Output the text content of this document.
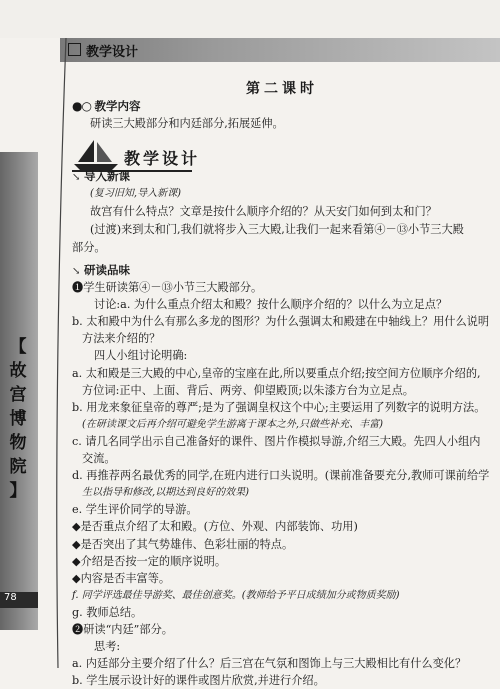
教学设计
【
故
宫
博
物
院
】
78
第二课时
●○ 教学内容
研读三大殿部分和内廷部分,拓展延伸。
教学设计
↘ 导入新课
(复习旧知,导入新课)
故宫有什么特点？文章是按什么顺序介绍的？从天安门如何到太和门？
(过渡)来到太和门,我们就将步入三大殿,让我们一起来看第④－⑬小节三大殿
部分。
↘ 研读品味
❶学生研读第④－⑬小节三大殿部分。
讨论:a. 为什么重点介绍太和殿？按什么顺序介绍的？以什么为立足点？
b. 太和殿中为什么有那么多龙的图形？为什么强调太和殿建在中轴线上？用什么说明
方法来介绍的？
四人小组讨论明确:
a. 太和殿是三大殿的中心,皇帝的宝座在此,所以要重点介绍;按空间方位顺序介绍的,
方位词:正中、上面、背后、两旁、仰望殿顶;以朱漆方台为立足点。
b. 用龙来象征皇帝的尊严;是为了强调皇权这个中心;主要运用了列数字的说明方法。
(在研读课文后再介绍可避免学生游离于课本之外,只做些补充、丰富)
c. 请几名同学出示自己准备好的课件、图片作模拟导游,介绍三大殿。先四人小组内
交流。
d. 再推荐两名最优秀的同学,在班内进行口头说明。(课前准备要充分,教师可课前给学
生以指导和修改,以期达到良好的效果)
e. 学生评价同学的导游。
◆是否重点介绍了太和殿。(方位、外观、内部装饰、功用)
◆是否突出了其气势雄伟、色彩壮丽的特点。
◆介绍是否按一定的顺序说明。
◆内容是否丰富等。
f. 同学评选最佳导游奖、最佳创意奖。(教师给予平日成绩加分或物质奖励)
g. 教师总结。
❷研读“内廷”部分。
思考:
a. 内廷部分主要介绍了什么？后三宫在气氛和图饰上与三大殿相比有什么变化？
b. 学生展示设计好的课件或图片欣赏,并进行介绍。
